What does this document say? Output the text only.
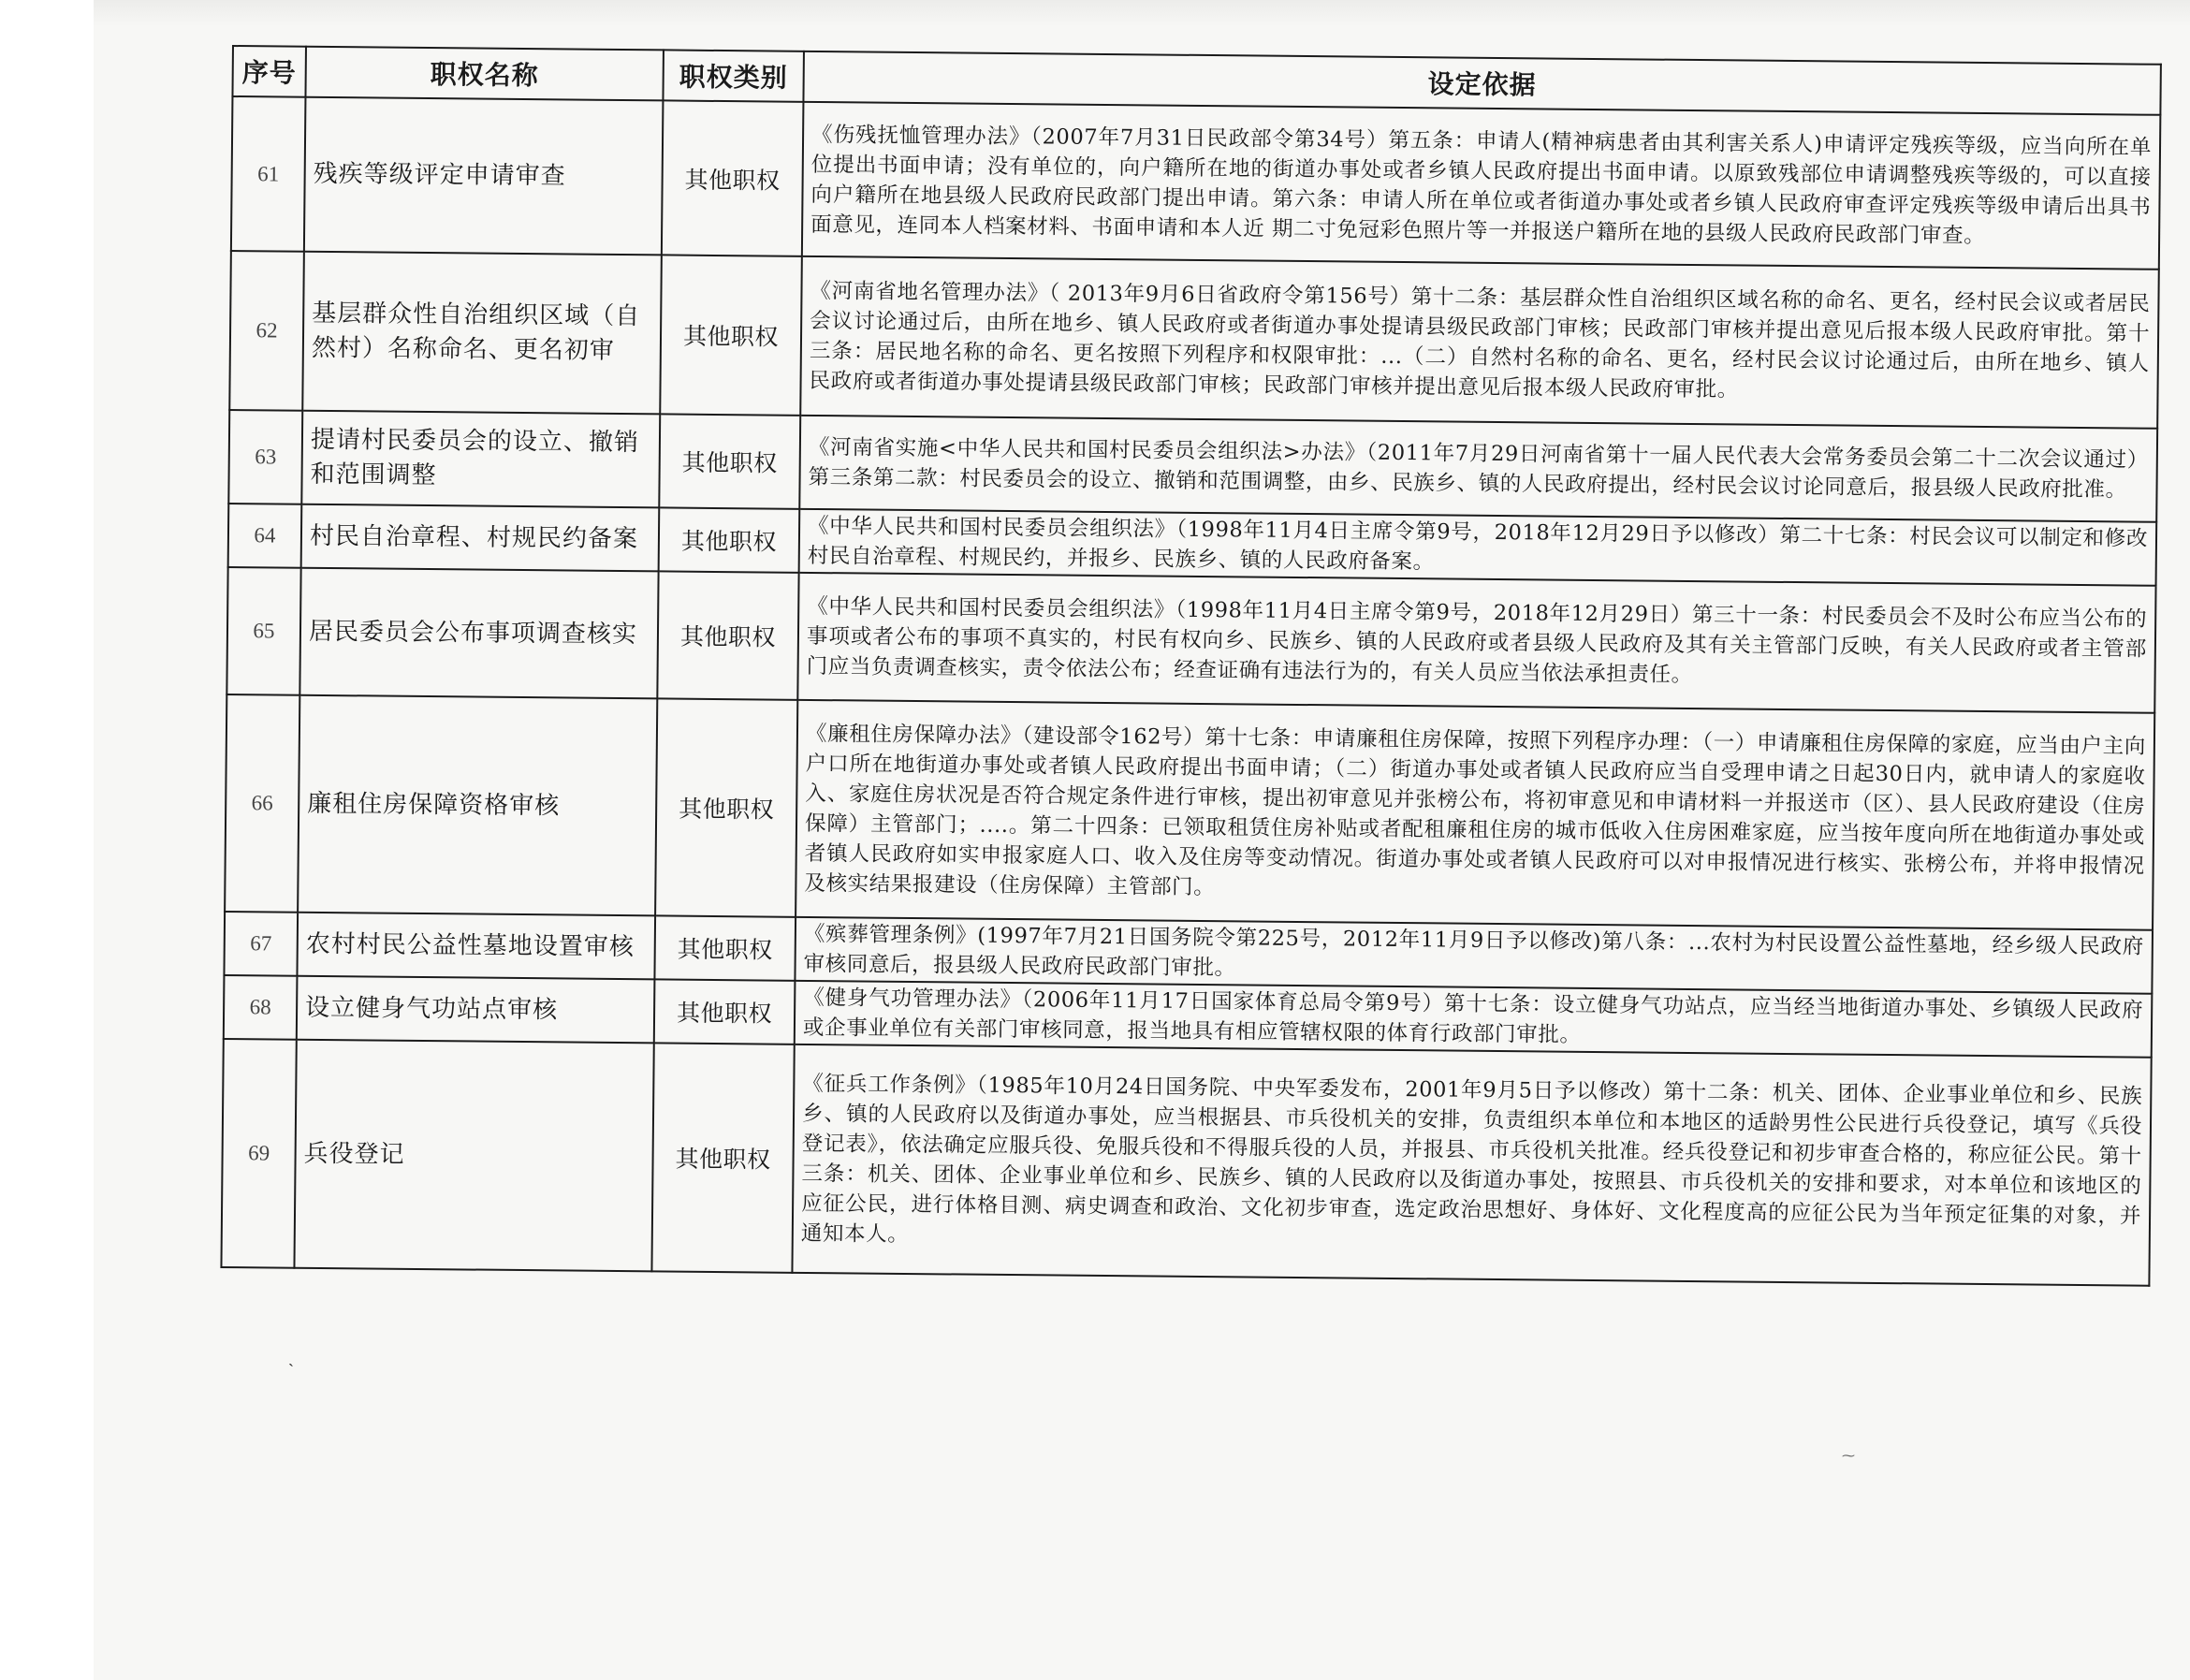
序号	职权名称	职权类别	设定依据
61	残疾等级评定申请审查	其他职权	《伤残抚恤管理办法》（2007年7月31日民政部令第34号）第五条：申请人(精神病患者由其利害关系人)申请评定残疾等级，应当向所在单位提出书面申请；没有单位的，向户籍所在地的街道办事处或者乡镇人民政府提出书面申请。以原致残部位申请调整残疾等级的，可以直接向户籍所在地县级人民政府民政部门提出申请。第六条：申请人所在单位或者街道办事处或者乡镇人民政府审查评定残疾等级申请后出具书面意见，连同本人档案材料、书面申请和本人近 期二寸免冠彩色照片等一并报送户籍所在地的县级人民政府民政部门审查。
62	基层群众性自治组织区域（自然村）名称命名、更名初审	其他职权	《河南省地名管理办法》（ 2013年9月6日省政府令第156号）第十二条：基层群众性自治组织区域名称的命名、更名，经村民会议或者居民会议讨论通过后，由所在地乡、镇人民政府或者街道办事处提请县级民政部门审核；民政部门审核并提出意见后报本级人民政府审批。第十三条：居民地名称的命名、更名按照下列程序和权限审批：...（二）自然村名称的命名、更名，经村民会议讨论通过后，由所在地乡、镇人民政府或者街道办事处提请县级民政部门审核；民政部门审核并提出意见后报本级人民政府审批。
63	提请村民委员会的设立、撤销和范围调整	其他职权	《河南省实施<中华人民共和国村民委员会组织法>办法》（2011年7月29日河南省第十一届人民代表大会常务委员会第二十二次会议通过）第三条第二款：村民委员会的设立、撤销和范围调整，由乡、民族乡、镇的人民政府提出，经村民会议讨论同意后，报县级人民政府批准。
64	村民自治章程、村规民约备案	其他职权	《中华人民共和国村民委员会组织法》（1998年11月4日主席令第9号，2018年12月29日予以修改）第二十七条：村民会议可以制定和修改村民自治章程、村规民约，并报乡、民族乡、镇的人民政府备案。
65	居民委员会公布事项调查核实	其他职权	《中华人民共和国村民委员会组织法》（1998年11月4日主席令第9号，2018年12月29日）第三十一条：村民委员会不及时公布应当公布的事项或者公布的事项不真实的，村民有权向乡、民族乡、镇的人民政府或者县级人民政府及其有关主管部门反映，有关人民政府或者主管部门应当负责调查核实，责令依法公布；经查证确有违法行为的，有关人员应当依法承担责任。
66	廉租住房保障资格审核	其他职权	《廉租住房保障办法》（建设部令162号）第十七条：申请廉租住房保障，按照下列程序办理：（一）申请廉租住房保障的家庭，应当由户主向户口所在地街道办事处或者镇人民政府提出书面申请；（二）街道办事处或者镇人民政府应当自受理申请之日起30日内，就申请人的家庭收入、家庭住房状况是否符合规定条件进行审核，提出初审意见并张榜公布，将初审意见和申请材料一并报送市（区）、县人民政府建设（住房保障）主管部门；....。第二十四条：已领取租赁住房补贴或者配租廉租住房的城市低收入住房困难家庭，应当按年度向所在地街道办事处或者镇人民政府如实申报家庭人口、收入及住房等变动情况。街道办事处或者镇人民政府可以对申报情况进行核实、张榜公布，并将申报情况及核实结果报建设（住房保障）主管部门。
67	农村村民公益性墓地设置审核	其他职权	《殡葬管理条例》(1997年7月21日国务院令第225号，2012年11月9日予以修改)第八条：...农村为村民设置公益性墓地，经乡级人民政府审核同意后，报县级人民政府民政部门审批。
68	设立健身气功站点审核	其他职权	《健身气功管理办法》（2006年11月17日国家体育总局令第9号）第十七条：设立健身气功站点，应当经当地街道办事处、乡镇级人民政府或企事业单位有关部门审核同意，报当地具有相应管辖权限的体育行政部门审批。
69	兵役登记	其他职权	《征兵工作条例》（1985年10月24日国务院、中央军委发布，2001年9月5日予以修改）第十二条：机关、团体、企业事业单位和乡、民族乡、镇的人民政府以及街道办事处，应当根据县、市兵役机关的安排，负责组织本单位和本地区的适龄男性公民进行兵役登记，填写《兵役登记表》，依法确定应服兵役、免服兵役和不得服兵役的人员，并报县、市兵役机关批准。经兵役登记和初步审查合格的，称应征公民。第十三条：机关、团体、企业事业单位和乡、民族乡、镇的人民政府以及街道办事处，按照县、市兵役机关的安排和要求，对本单位和该地区的应征公民，进行体格目测、病史调查和政治、文化初步审查，选定政治思想好、身体好、文化程度高的应征公民为当年预定征集的对象，并通知本人。
ˏ
⁓
